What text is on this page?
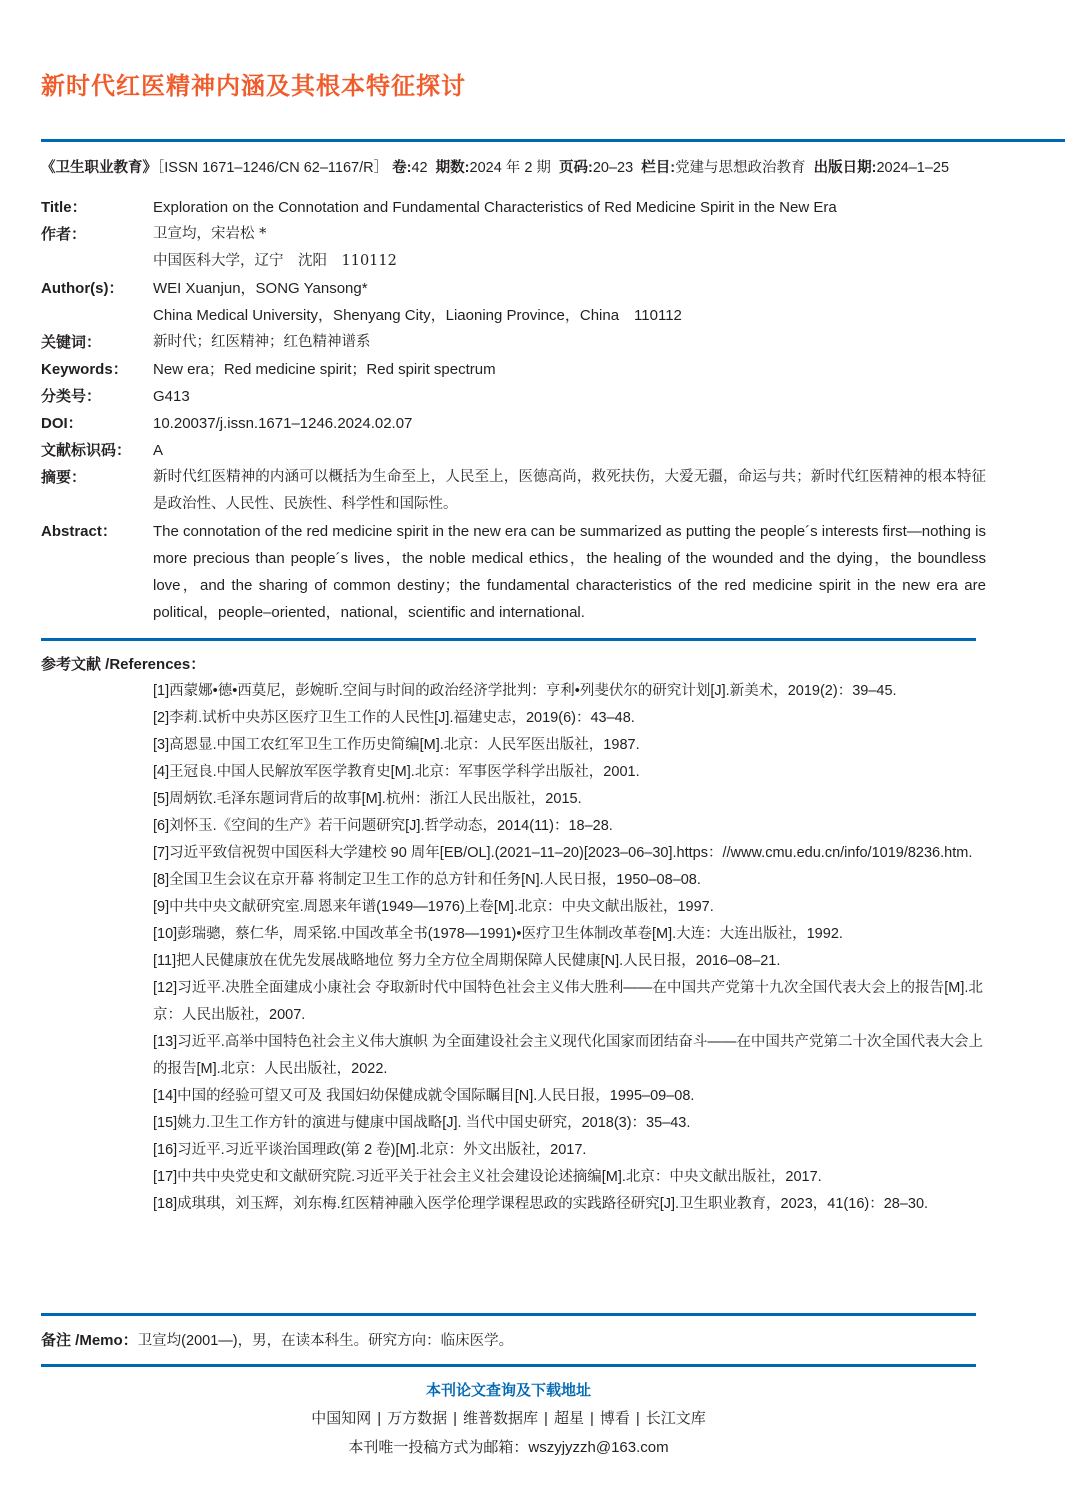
新时代红医精神内涵及其根本特征探讨
《卫生职业教育》［ISSN 1671–1246/CN 62–1167/R］ 卷:42 期数:2024 年 2 期 页码:20–23 栏目:党建与思想政治教育 出版日期:2024–1–25
Title：	Exploration on the Connotation and Fundamental Characteristics of Red Medicine Spirit in the New Era
作者：	卫宣均，宋岩松 *
中国医科大学，辽宁　沈阳　110112
Author(s)：	WEI Xuanjun，SONG Yansong*
China Medical University，Shenyang City，Liaoning Province，China　110112
关键词：	新时代；红医精神；红色精神谱系
Keywords：	New era；Red medicine spirit；Red spirit spectrum
分类号：	G413
DOI：	10.20037/j.issn.1671–1246.2024.02.07
文献标识码：	A
摘要：	新时代红医精神的内涵可以概括为生命至上，人民至上，医德高尚，救死扶伤，大爱无疆，命运与共；新时代红医精神的根本特征是政治性、人民性、民族性、科学性和国际性。
Abstract：	The connotation of the red medicine spirit in the new era can be summarized as putting the people´s interests first—nothing is more precious than people´s lives，the noble medical ethics，the healing of the wounded and the dying，the boundless love，and the sharing of common destiny；the fundamental characteristics of the red medicine spirit in the new era are political，people–oriented，national，scientific and international.
参考文献 /References：
[1]西蒙娜•德•西莫尼，彭婉昕.空间与时间的政治经济学批判：亨利•列斐伏尔的研究计划[J].新美术，2019(2)：39–45.
[2]李莉.试析中央苏区医疗卫生工作的人民性[J].福建史志，2019(6)：43–48.
[3]高恩显.中国工农红军卫生工作历史简编[M].北京：人民军医出版社，1987.
[4]王冠良.中国人民解放军医学教育史[M].北京：军事医学科学出版社，2001.
[5]周炳钦.毛泽东题词背后的故事[M].杭州：浙江人民出版社，2015.
[6]刘怀玉.《空间的生产》若干问题研究[J].哲学动态，2014(11)：18–28.
[7]习近平致信祝贺中国医科大学建校 90 周年[EB/OL].(2021–11–20)[2023–06–30].https：//www.cmu.edu.cn/info/1019/8236.htm.
[8]全国卫生会议在京开幕 将制定卫生工作的总方针和任务[N].人民日报，1950–08–08.
[9]中共中央文献研究室.周恩来年谱(1949—1976)上卷[M].北京：中央文献出版社，1997.
[10]彭瑞骢，蔡仁华，周采铭.中国改革全书(1978—1991)•医疗卫生体制改革卷[M].大连：大连出版社，1992.
[11]把人民健康放在优先发展战略地位 努力全方位全周期保障人民健康[N].人民日报，2016–08–21.
[12]习近平.决胜全面建成小康社会 夺取新时代中国特色社会主义伟大胜利——在中国共产党第十九次全国代表大会上的报告[M].北京：人民出版社，2007.
[13]习近平.高举中国特色社会主义伟大旗帜 为全面建设社会主义现代化国家而团结奋斗——在中国共产党第二十次全国代表大会上的报告[M].北京：人民出版社，2022.
[14]中国的经验可望又可及 我国妇幼保健成就令国际瞩目[N].人民日报，1995–09–08.
[15]姚力.卫生工作方针的演进与健康中国战略[J]. 当代中国史研究，2018(3)：35–43.
[16]习近平.习近平谈治国理政(第 2 卷)[M].北京：外文出版社，2017.
[17]中共中央党史和文献研究院.习近平关于社会主义社会建设论述摘编[M].北京：中央文献出版社，2017.
[18]成琪琪，刘玉辉，刘东梅.红医精神融入医学伦理学课程思政的实践路径研究[J].卫生职业教育，2023，41(16)：28–30.
备注 /Memo：卫宣均(2001—)，男，在读本科生。研究方向：临床医学。
本刊论文查询及下载地址
中国知网 | 万方数据 | 维普数据库 | 超星 | 博看 | 长江文库
本刊唯一投稿方式为邮箱：wszyjyzzh@163.com
